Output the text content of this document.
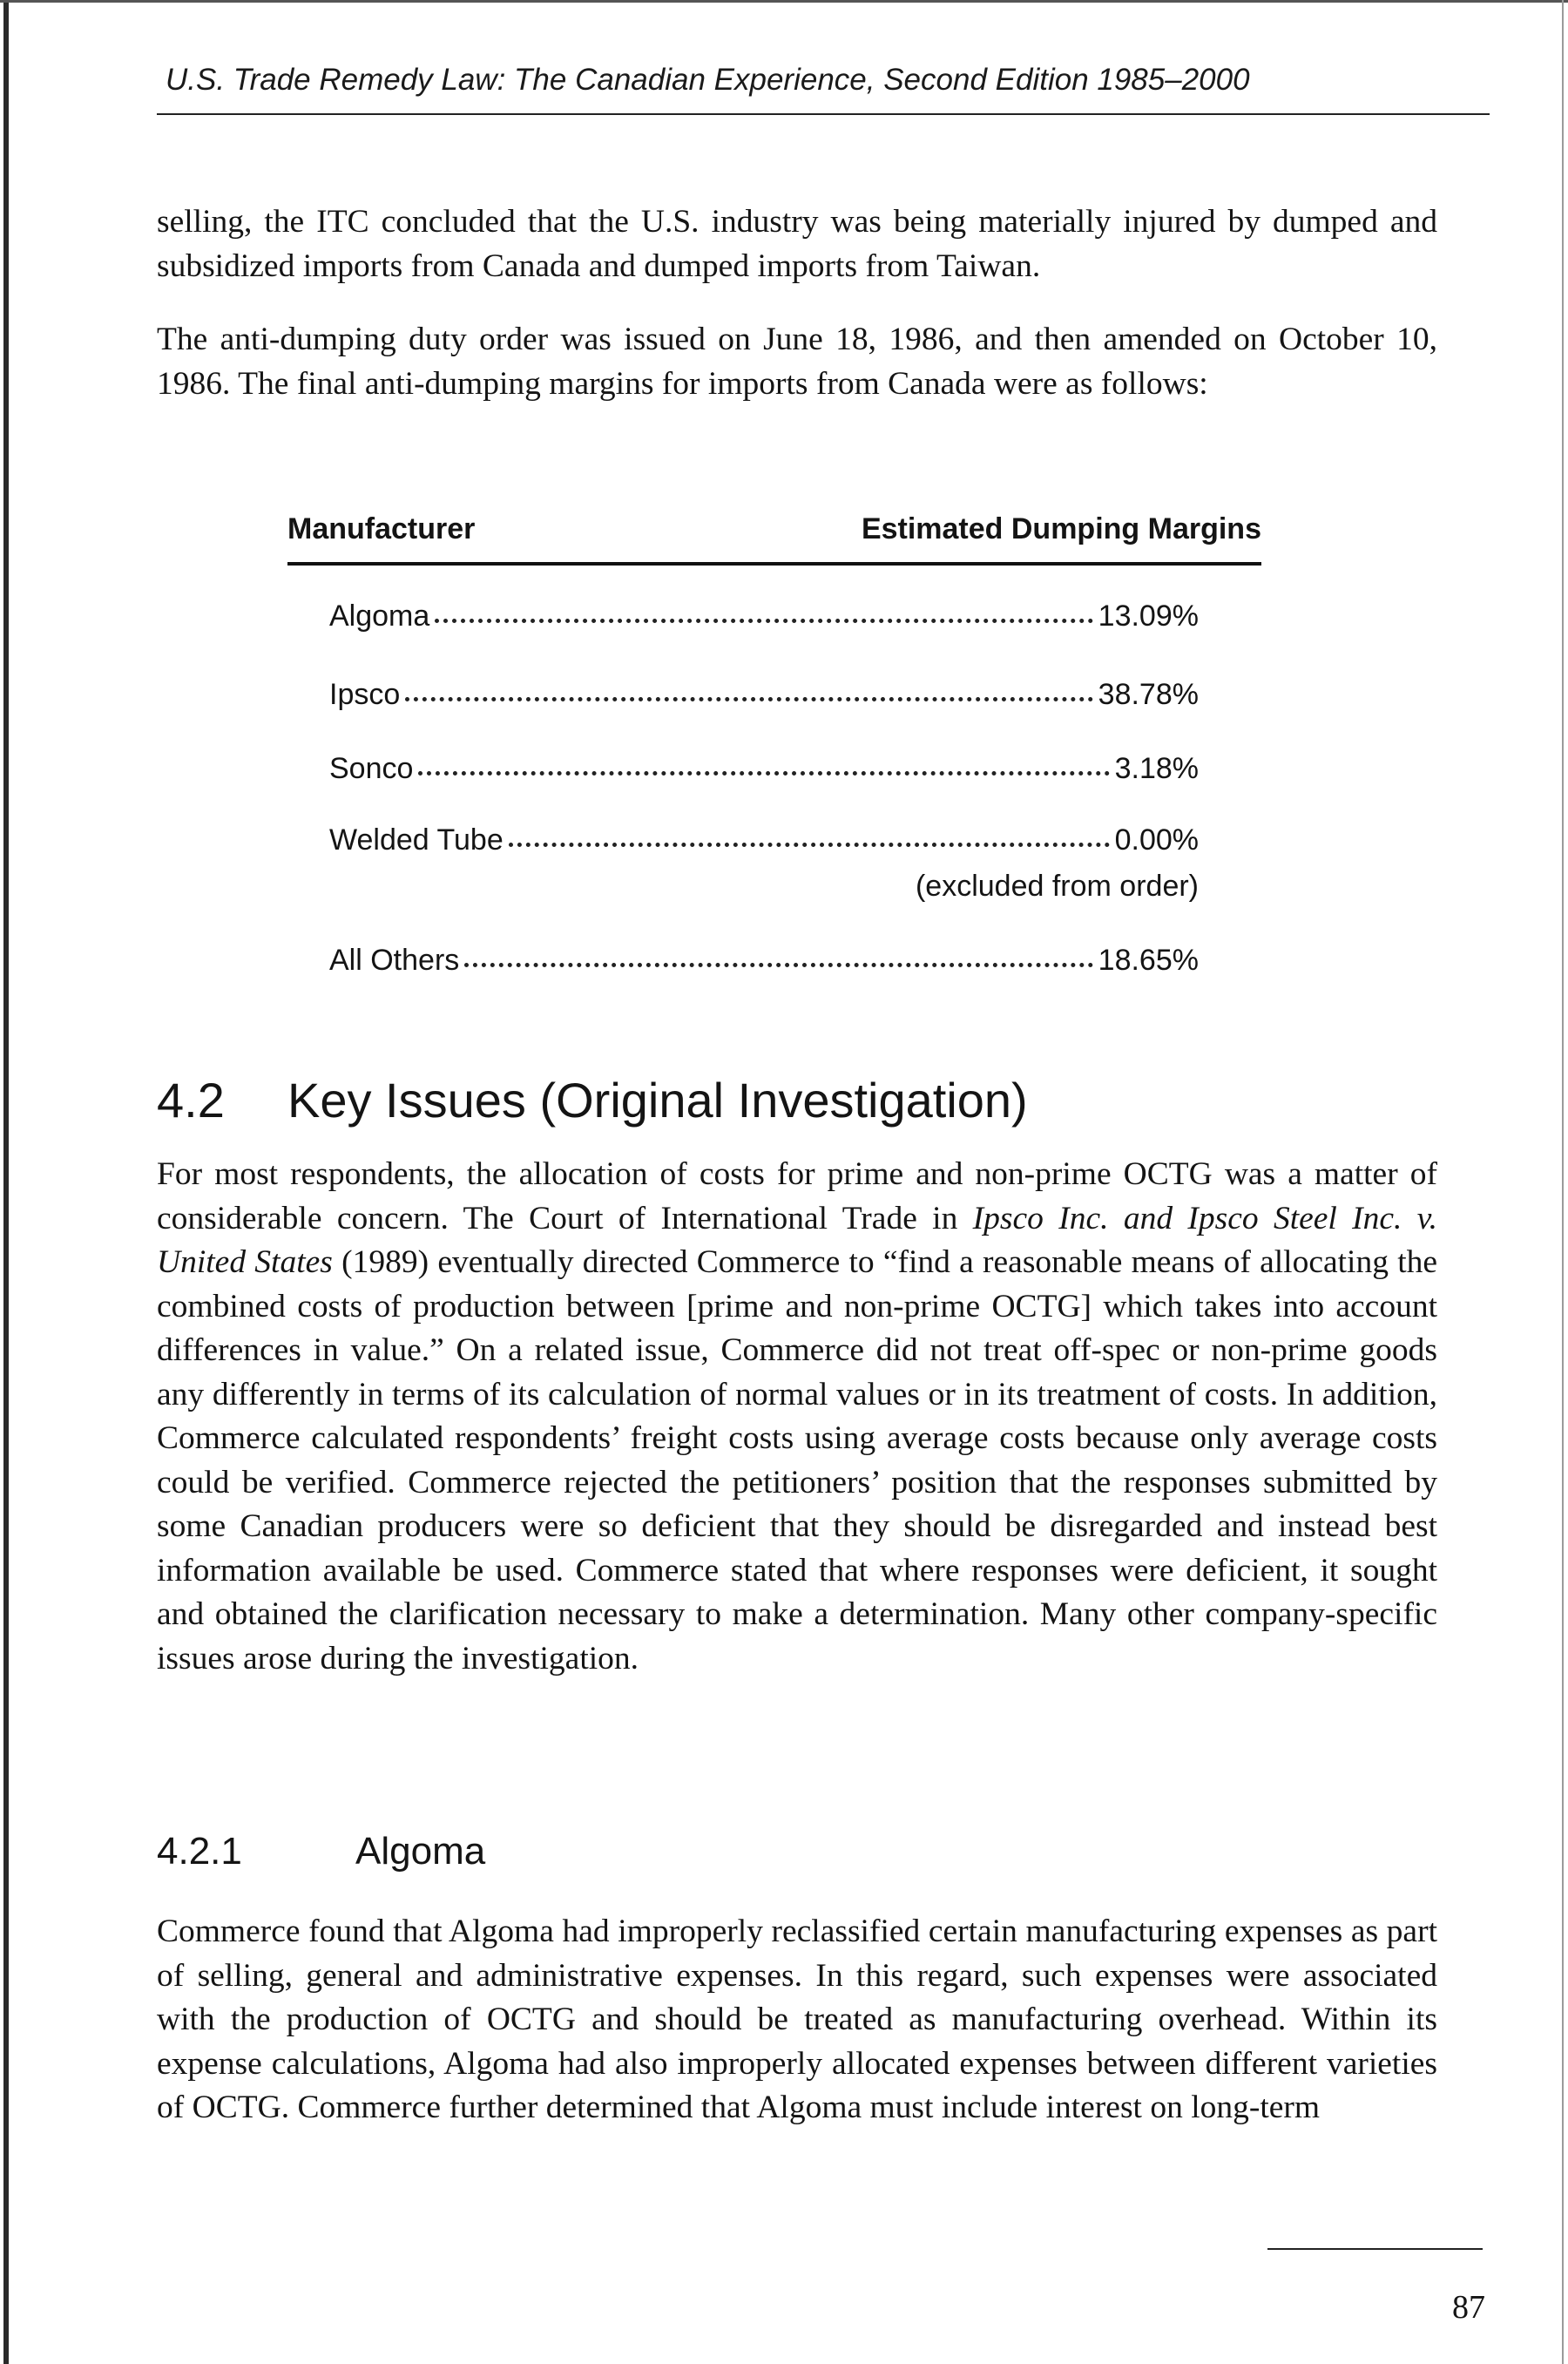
U.S. Trade Remedy Law: The Canadian Experience, Second Edition 1985–2000

selling, the ITC concluded that the U.S. industry was being materially injured by dumped and subsidized imports from Canada and dumped imports from Taiwan.

The anti-dumping duty order was issued on June 18, 1986, and then amended on October 10, 1986. The final anti-dumping margins for imports from Canada were as follows:

Manufacturer	Estimated Dumping Margins
Algoma	13.09%
Ipsco	38.78%
Sonco	3.18%
Welded Tube	0.00%
(excluded from order)
All Others	18.65%
4.2 Key Issues (Original Investigation)

For most respondents, the allocation of costs for prime and non-prime OCTG was a matter of considerable concern. The Court of International Trade in Ipsco Inc. and Ipsco Steel Inc. v. United States (1989) eventually directed Commerce to “find a reasonable means of allocating the combined costs of production between [prime and non-prime OCTG] which takes into account differences in value.” On a related issue, Commerce did not treat off-spec or non-prime goods any differently in terms of its calculation of normal values or in its treatment of costs. In addition, Commerce calculated respondents’ freight costs using average costs because only average costs could be verified. Commerce rejected the petitioners’ position that the responses submitted by some Canadian producers were so deficient that they should be disregarded and instead best information available be used. Commerce stated that where responses were deficient, it sought and obtained the clarification necessary to make a determination. Many other company-specific issues arose during the investigation.

4.2.1	Algoma

Commerce found that Algoma had improperly reclassified certain manufacturing expenses as part of selling, general and administrative expenses. In this regard, such expenses were associated with the production of OCTG and should be treated as manufacturing overhead. Within its expense calculations, Algoma had also improperly allocated expenses between different varieties of OCTG. Commerce further determined that Algoma must include interest on long-term

87
